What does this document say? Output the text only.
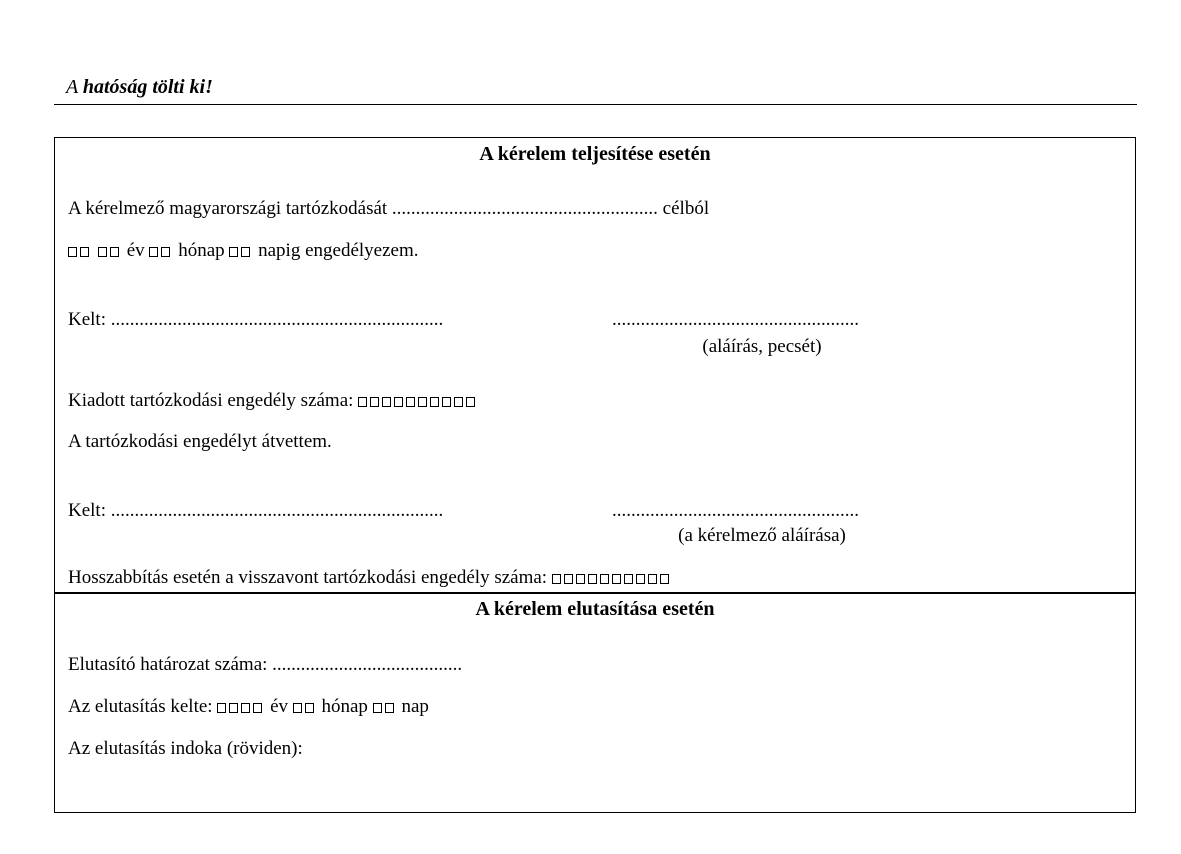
A hatóság tölti ki!
A kérelem teljesítése esetén
A kérelmező magyarországi tartózkodását ........................................................ célból
év hónap napig engedélyezem.
Kelt: ......................................................................	....................................................
(aláírás, pecsét)
Kiadott tartózkodási engedély száma:
A tartózkodási engedélyt átvettem.
Kelt: ......................................................................	....................................................
(a kérelmező aláírása)
Hosszabbítás esetén a visszavont tartózkodási engedély száma:
A kérelem elutasítása esetén
Elutasító határozat száma: ........................................
Az elutasítás kelte:	év hónap nap
Az elutasítás indoka (röviden):
